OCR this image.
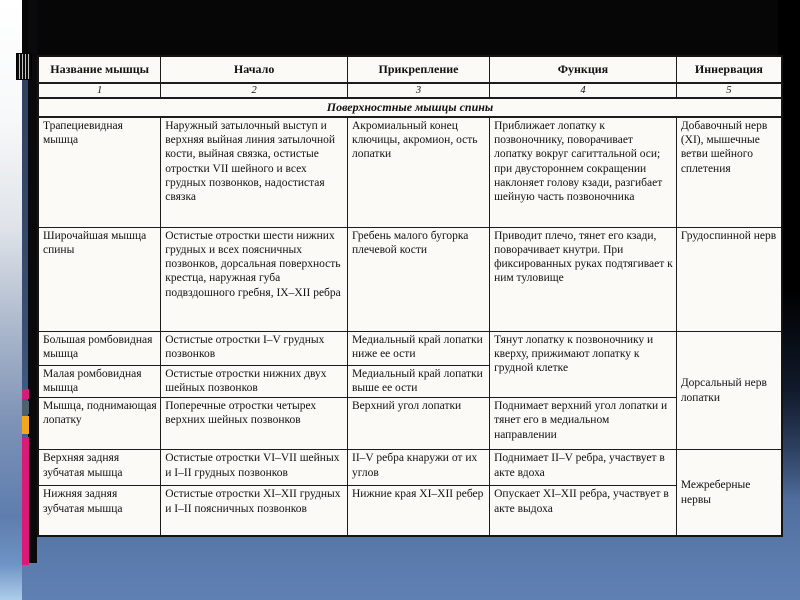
Название мышцы	Начало	Прикрепление	Функция	Иннервация
1	2	3	4	5
Поверхностные мышцы спины				
Трапециевидная мышца	Наружный затылочный выступ и верхняя выйная линия затылочной кости, выйная связка, остистые отростки VII шейного и всех грудных позвонков, надостистая связка	Акромиальный конец ключицы, акромион, ость лопатки	Приближает лопатку к позвоночнику, поворачивает лопатку вокруг сагиттальной оси; при двустороннем сокращении наклоняет голову кзади, разгибает шейную часть позвоночника	Добавочный нерв (XI), мышечные ветви шейного сплетения
Широчайшая мышца спины	Остистые отростки шести нижних грудных и всех поясничных позвонков, дорсальная поверхность крестца, наружная губа подвздошного гребня, IX–XII ребра	Гребень малого бугорка плечевой кости	Приводит плечо, тянет его кзади, поворачивает кнутри. При фиксированных руках подтягивает к ним туловище	Грудоспинной нерв
Большая ромбовидная мышца	Остистые отростки I–V грудных позвонков	Медиальный край лопатки ниже ее ости	Тянут лопатку к позвоночнику и кверху, прижимают лопатку к грудной клетке	Дорсальный нерв лопатки
Малая ромбовидная мышца	Остистые отростки нижних двух шейных позвонков	Медиальный край лопатки выше ее ости		
Мышца, поднимающая лопатку	Поперечные отростки четырех верхних шейных позвонков	Верхний угол лопатки	Поднимает верхний угол лопатки и тянет его в медиальном направлении	
Верхняя задняя зубчатая мышца	Остистые отростки VI–VII шейных и I–II грудных позвонков	II–V ребра кнаружи от их углов	Поднимает II–V ребра, участвует в акте вдоха	Межреберные нервы
Нижняя задняя зубчатая мышца	Остистые отростки XI–XII грудных и I–II поясничных позвонков	Нижние края XI–XII ребер	Опускает XI–XII ребра, участвует в акте выдоха	
